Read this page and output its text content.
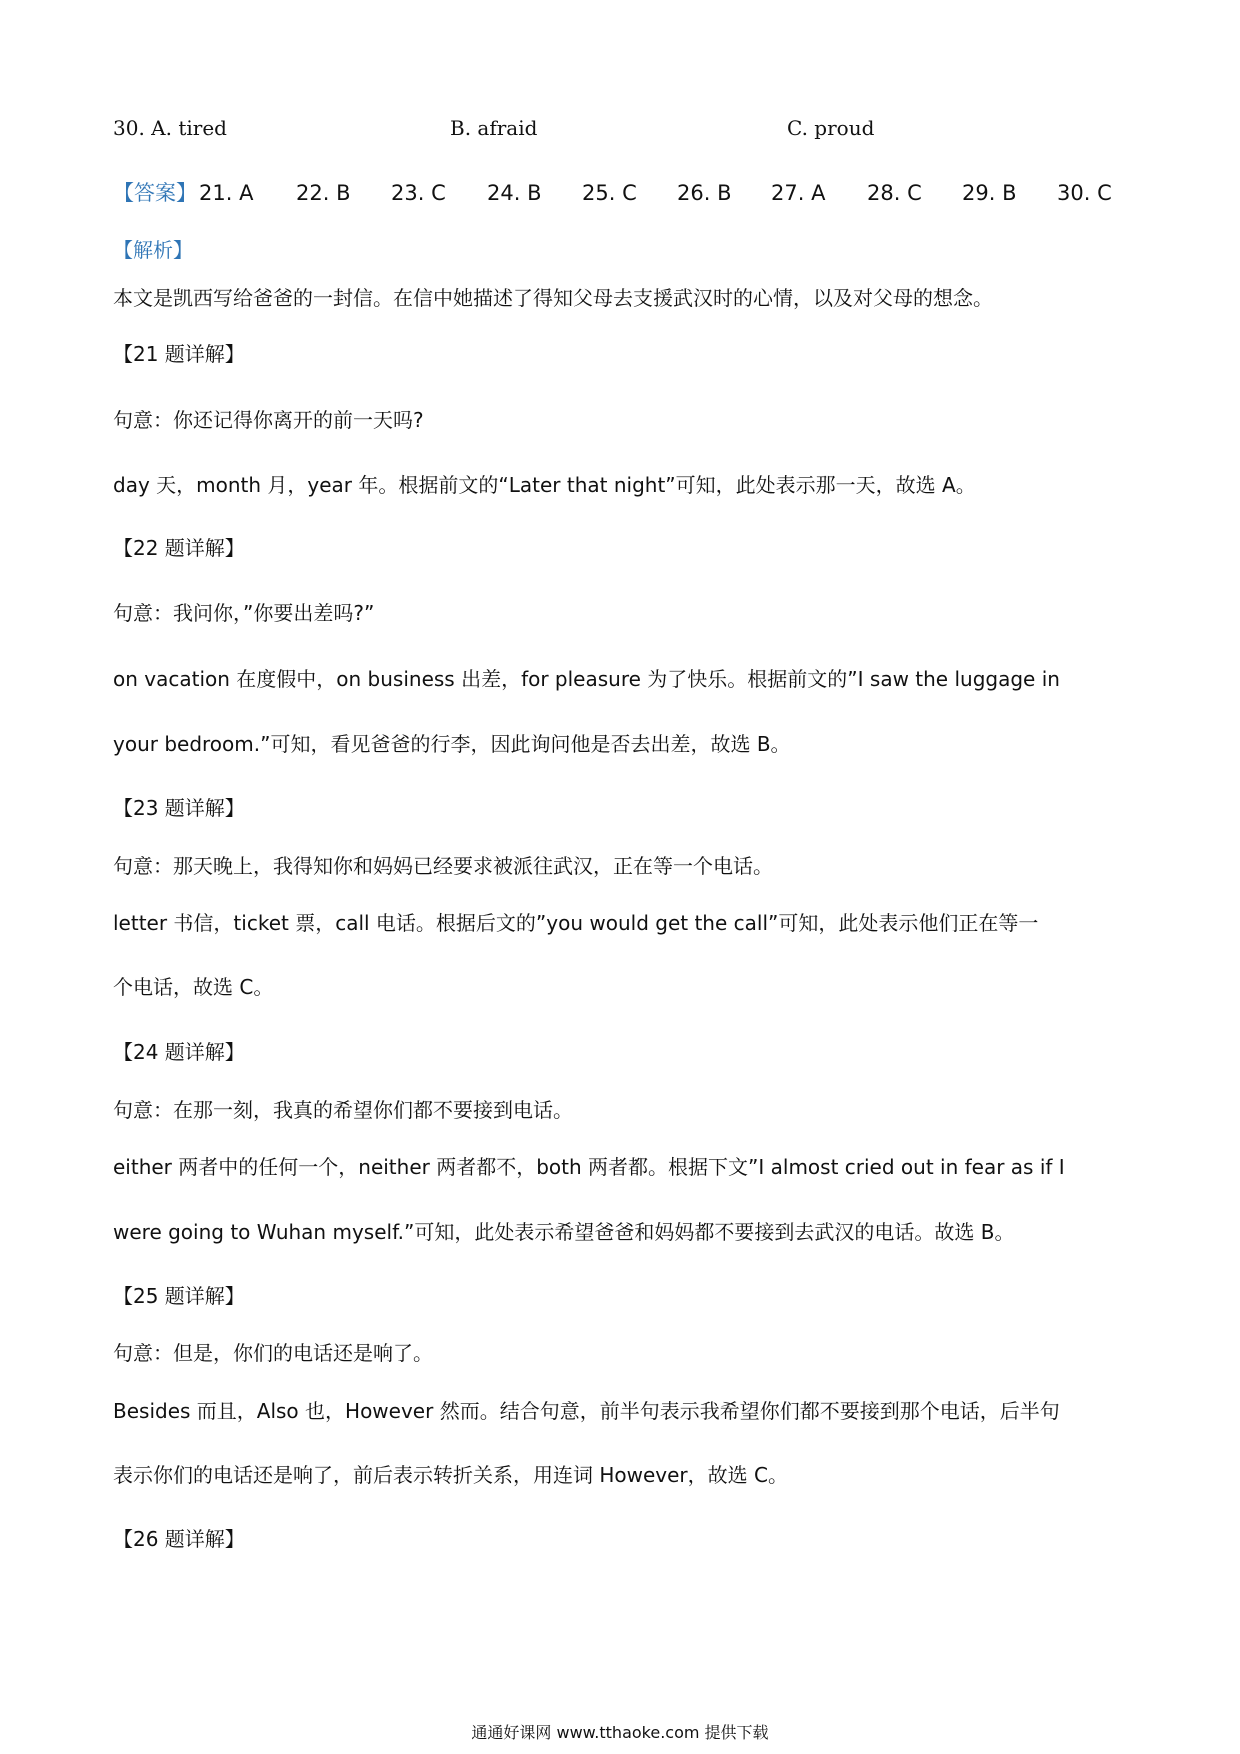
30. A. tired	B. afraid	C. proud
【答案】 21. A 22. B 23. C 24. B 25. C 26. B 27. A 28. C 29. B 30. C
【解析】
本文是凯西写给爸爸的一封信。在信中她描述了得知父母去支援武汉时的心情，以及对父母的想念。
【21 题详解】
句意：你还记得你离开的前一天吗?
day 天，month 月，year 年。根据前文的“Later that night”可知，此处表示那一天，故选 A。
【22 题详解】
句意：我问你，”你要出差吗?”
on vacation 在度假中，on business 出差，for pleasure 为了快乐。根据前文的”I saw the luggage in
your bedroom.”可知，看见爸爸的行李，因此询问他是否去出差，故选 B。
【23 题详解】
句意：那天晚上，我得知你和妈妈已经要求被派往武汉，正在等一个电话。
letter 书信，ticket 票，call 电话。根据后文的”you would get the call”可知，此处表示他们正在等一
个电话，故选 C。
【24 题详解】
句意：在那一刻，我真的希望你们都不要接到电话。
either 两者中的任何一个，neither 两者都不，both 两者都。根据下文”I almost cried out in fear as if I
were going to Wuhan myself.”可知，此处表示希望爸爸和妈妈都不要接到去武汉的电话。故选 B。
【25 题详解】
句意：但是，你们的电话还是响了。
Besides 而且，Also 也，However 然而。结合句意，前半句表示我希望你们都不要接到那个电话，后半句
表示你们的电话还是响了，前后表示转折关系，用连词 However，故选 C。
【26 题详解】
通通好课网 www.tthaoke.com 提供下载
